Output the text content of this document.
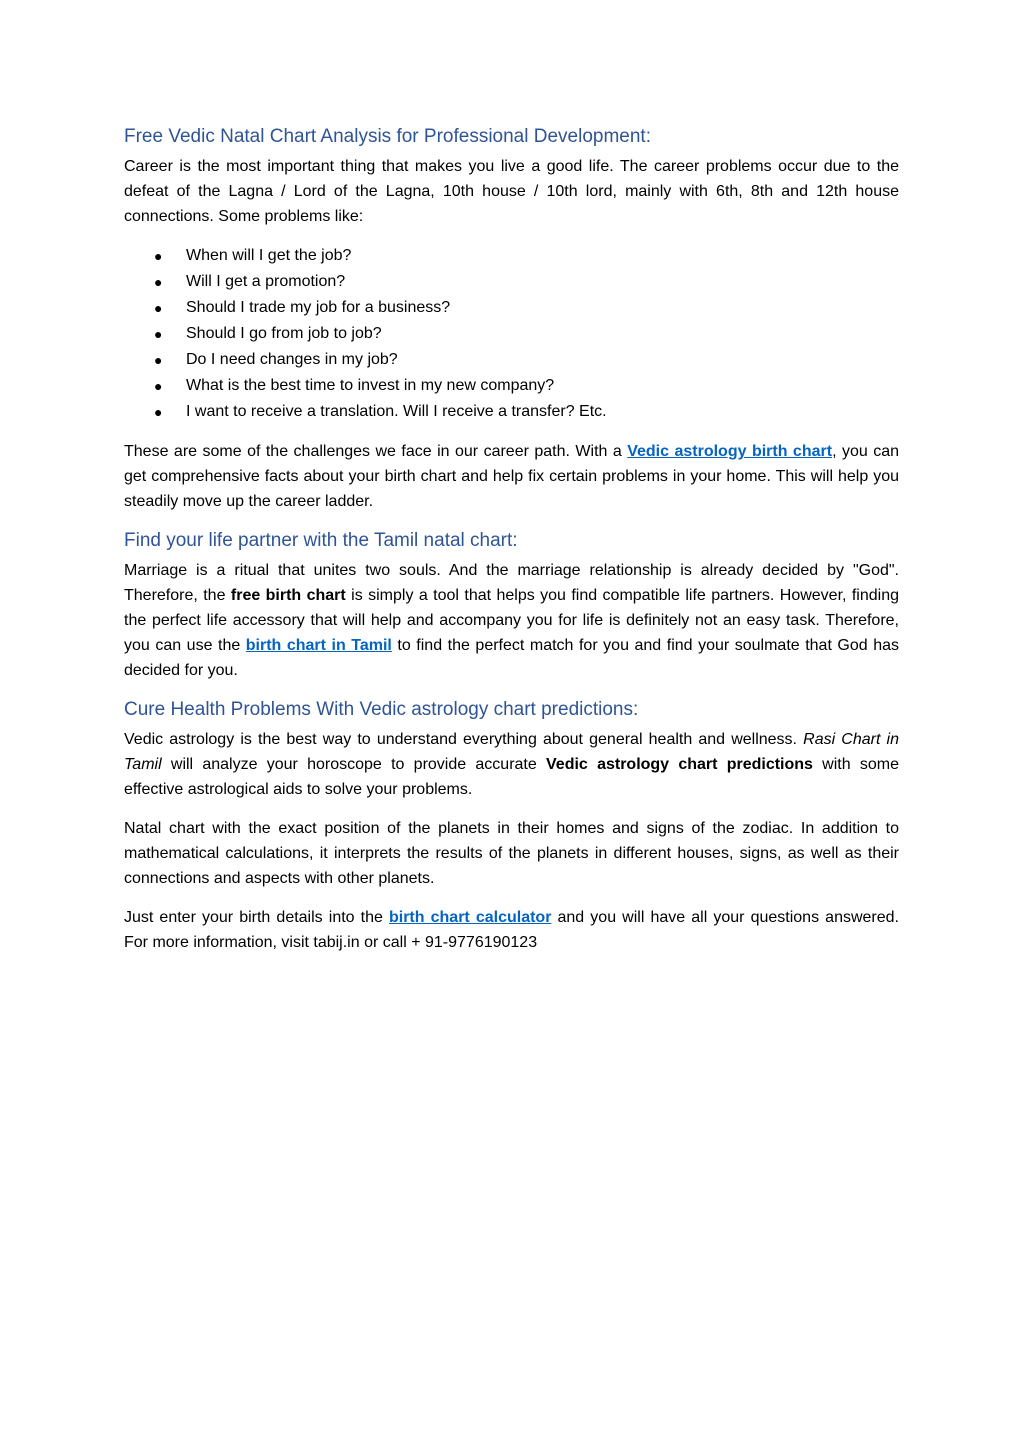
Free Vedic Natal Chart Analysis for Professional Development:

Career is the most important thing that makes you live a good life. The career problems occur due to the defeat of the Lagna / Lord of the Lagna, 10th house / 10th lord, mainly with 6th, 8th and 12th house connections. Some problems like:

● When will I get the job?
● Will I get a promotion?
● Should I trade my job for a business?
● Should I go from job to job?
● Do I need changes in my job?
● What is the best time to invest in my new company?
● I want to receive a translation. Will I receive a transfer? Etc.

These are some of the challenges we face in our career path. With a Vedic astrology birth chart, you can get comprehensive facts about your birth chart and help fix certain problems in your home. This will help you steadily move up the career ladder.

Find your life partner with the Tamil natal chart:

Marriage is a ritual that unites two souls. And the marriage relationship is already decided by "God". Therefore, the free birth chart is simply a tool that helps you find compatible life partners. However, finding the perfect life accessory that will help and accompany you for life is definitely not an easy task. Therefore, you can use the birth chart in Tamil to find the perfect match for you and find your soulmate that God has decided for you.

Cure Health Problems With Vedic astrology chart predictions:

Vedic astrology is the best way to understand everything about general health and wellness. Rasi Chart in Tamil will analyze your horoscope to provide accurate Vedic astrology chart predictions with some effective astrological aids to solve your problems.

Natal chart with the exact position of the planets in their homes and signs of the zodiac. In addition to mathematical calculations, it interprets the results of the planets in different houses, signs, as well as their connections and aspects with other planets.

Just enter your birth details into the birth chart calculator and you will have all your questions answered. For more information, visit tabij.in or call + 91-9776190123
